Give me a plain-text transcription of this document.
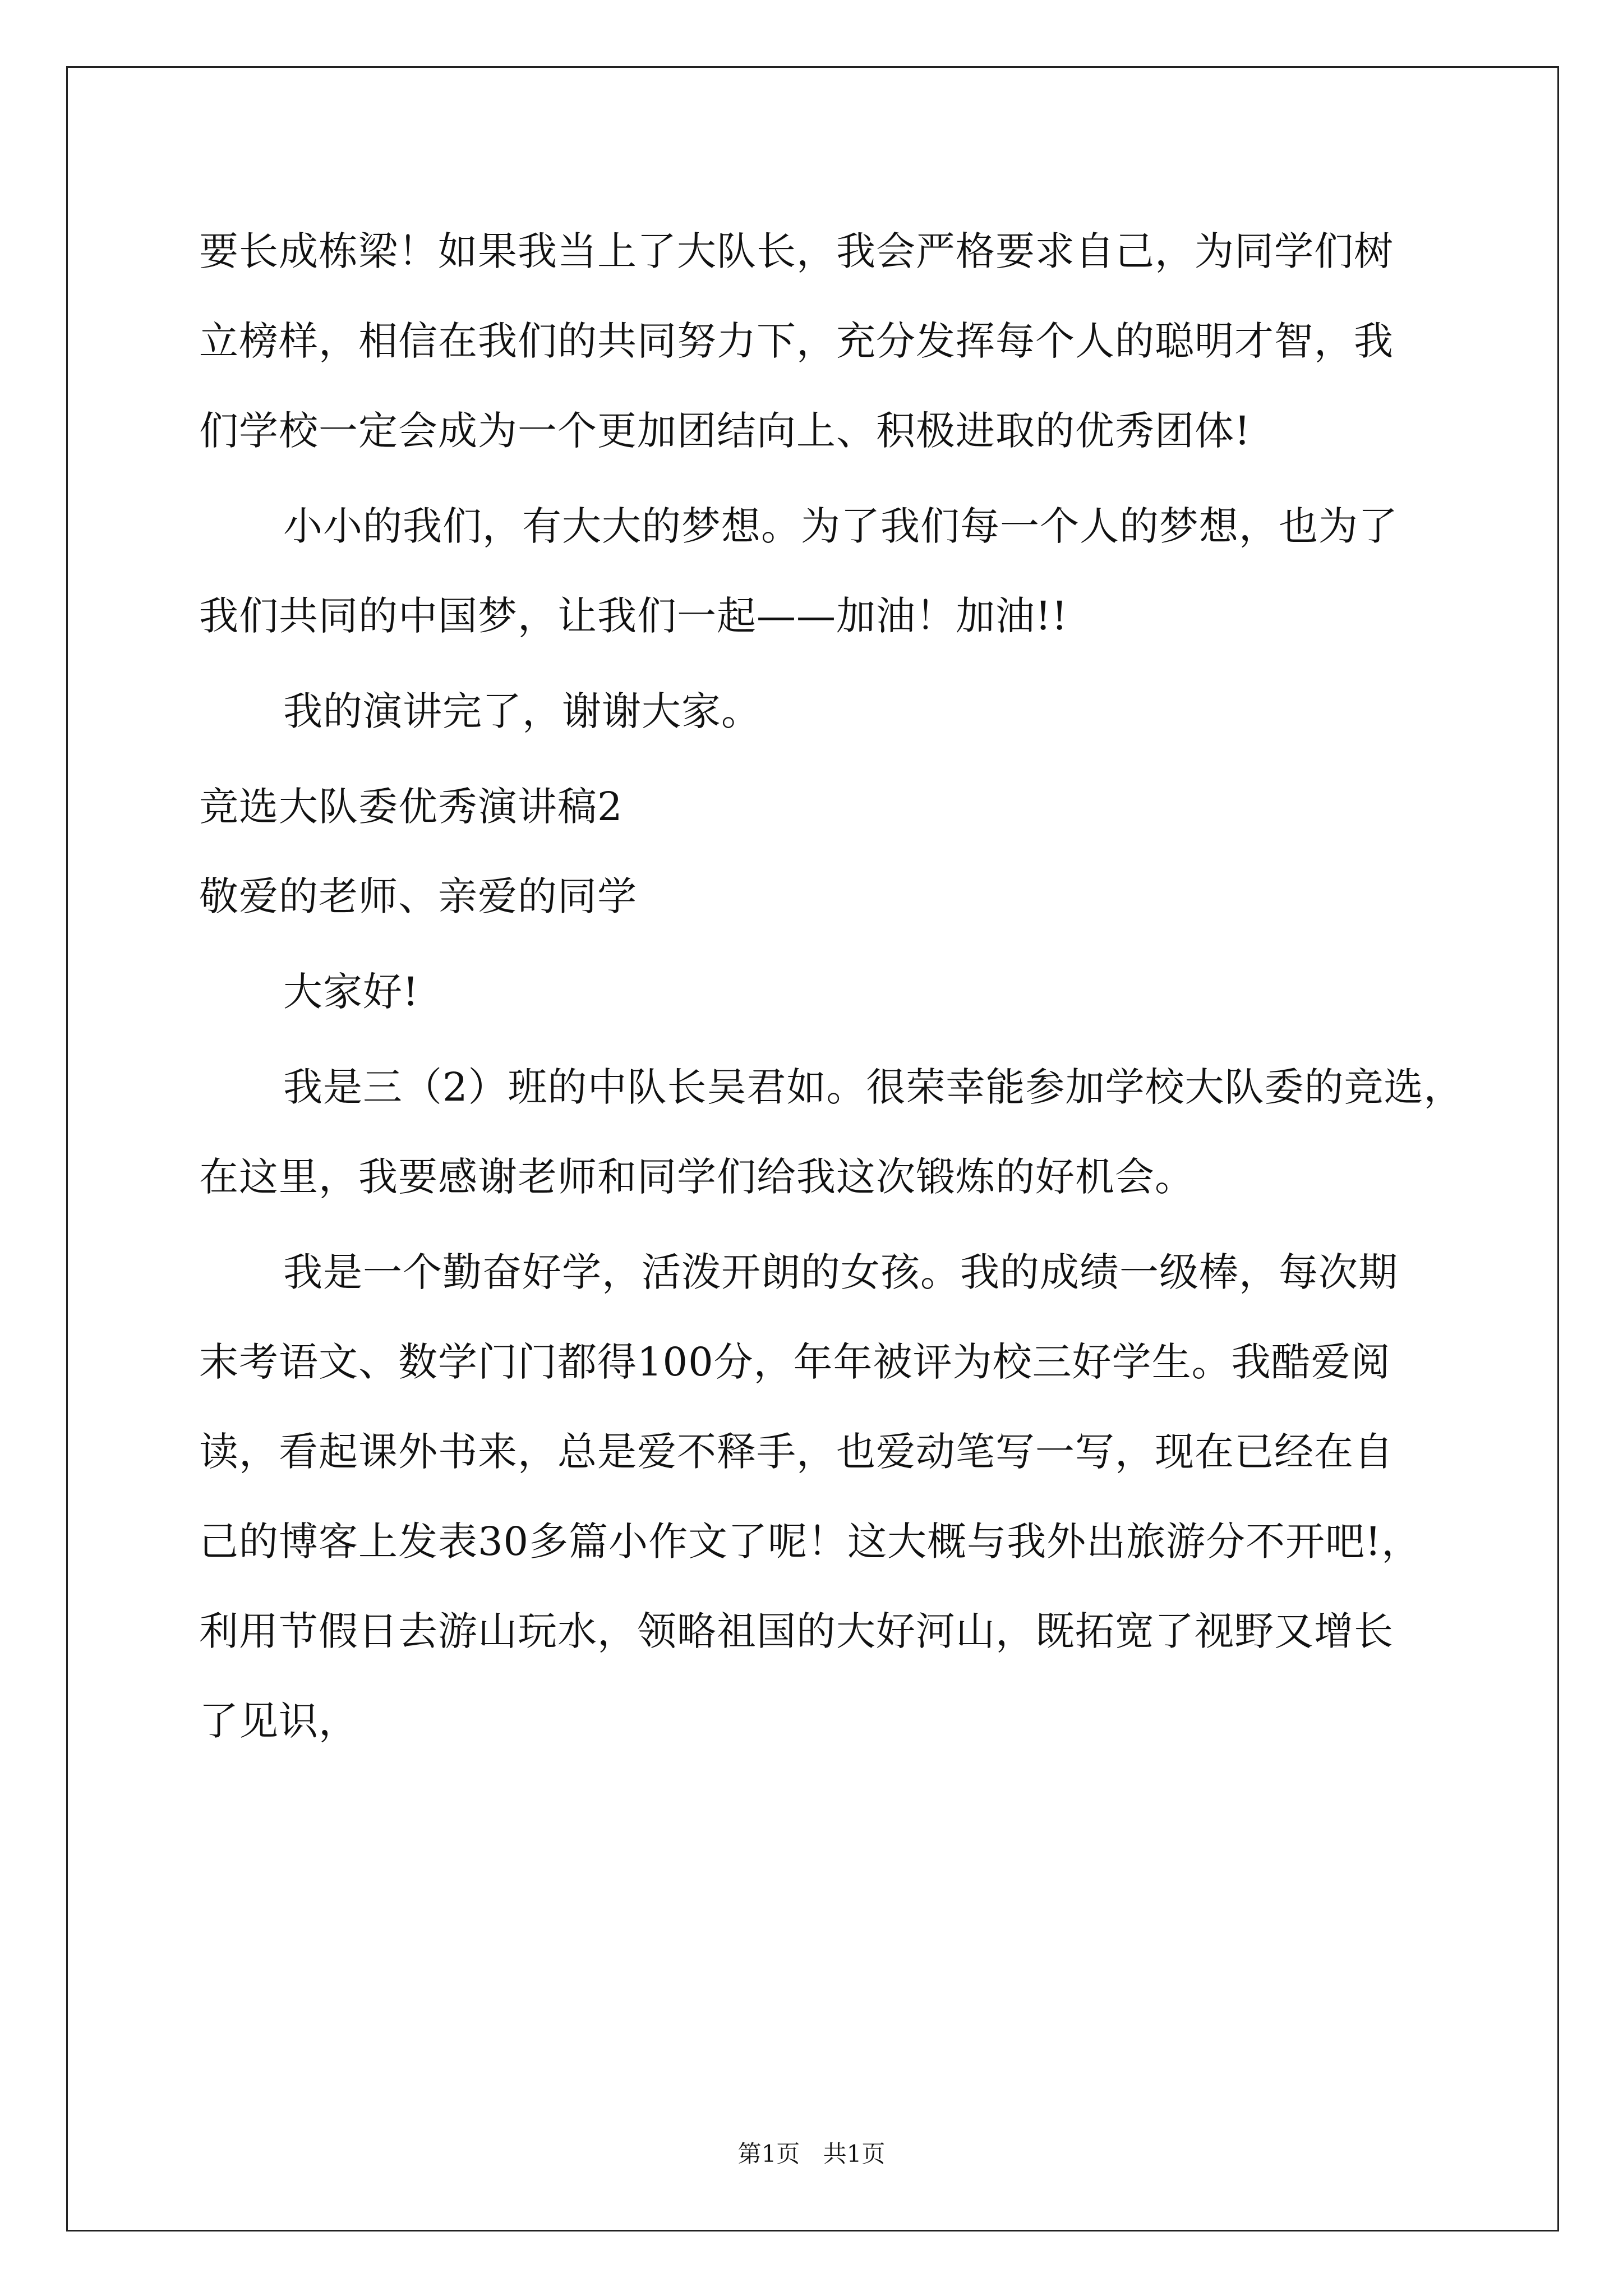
要长成栋梁！如果我当上了大队长，我会严格要求自己，为同学们树
立榜样，相信在我们的共同努力下，充分发挥每个人的聪明才智，我
们学校一定会成为一个更加团结向上、积极进取的优秀团体!
小小的我们，有大大的梦想。为了我们每一个人的梦想，也为了
我们共同的中国梦，让我们一起——加油！加油!!
我的演讲完了，谢谢大家。
竞选大队委优秀演讲稿2
敬爱的老师、亲爱的同学
大家好!
我是三（2）班的中队长吴君如。很荣幸能参加学校大队委的竞选，
在这里，我要感谢老师和同学们给我这次锻炼的好机会。
我是一个勤奋好学，活泼开朗的女孩。我的成绩一级棒，每次期
末考语文、数学门门都得100分，年年被评为校三好学生。我酷爱阅
读，看起课外书来，总是爱不释手，也爱动笔写一写，现在已经在自
己的博客上发表30多篇小作文了呢！这大概与我外出旅游分不开吧!，
利用节假日去游山玩水，领略祖国的大好河山，既拓宽了视野又增长
了见识，
第1页 共1页
